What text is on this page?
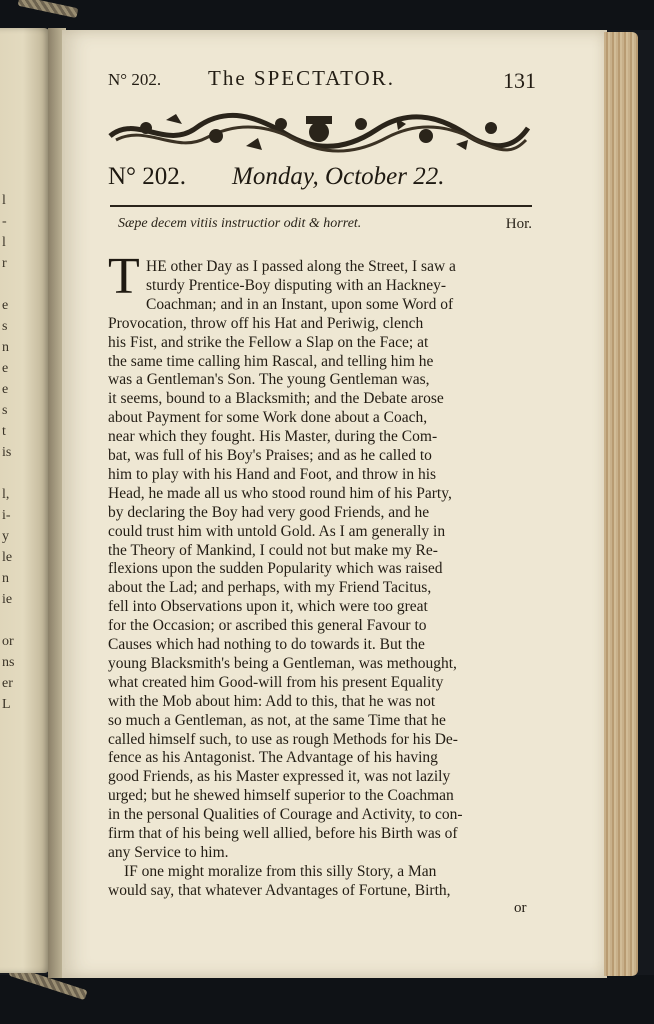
l
-
l
r
e
s
n
e
e
s
t
is
l,
i-
y
le
n
ie
or
ns
er
L
N° 202. The SPECTATOR.	131
N° 202. Monday, October 22.
Sæpe decem vitiis instructior odit & horret.	Hor.
T HE other Day as I passed along the Street, I saw a
sturdy Prentice-Boy disputing with an Hackney-
Coachman; and in an Instant, upon some Word of
Provocation, throw off his Hat and Periwig, clench
his Fist, and strike the Fellow a Slap on the Face; at
the same time calling him Rascal, and telling him he
was a Gentleman's Son. The young Gentleman was,
it seems, bound to a Blacksmith; and the Debate arose
about Payment for some Work done about a Coach,
near which they fought. His Master, during the Com-
bat, was full of his Boy's Praises; and as he called to
him to play with his Hand and Foot, and throw in his
Head, he made all us who stood round him of his Party,
by declaring the Boy had very good Friends, and he
could trust him with untold Gold. As I am generally in
the Theory of Mankind, I could not but make my Re-
flexions upon the sudden Popularity which was raised
about the Lad; and perhaps, with my Friend Tacitus,
fell into Observations upon it, which were too great
for the Occasion; or ascribed this general Favour to
Causes which had nothing to do towards it. But the
young Blacksmith's being a Gentleman, was methought,
what created him Good-will from his present Equality
with the Mob about him: Add to this, that he was not
so much a Gentleman, as not, at the same Time that he
called himself such, to use as rough Methods for his De-
fence as his Antagonist. The Advantage of his having
good Friends, as his Master expressed it, was not lazily
urged; but he shewed himself superior to the Coachman
in the personal Qualities of Courage and Activity, to con-
firm that of his being well allied, before his Birth was of
any Service to him.
IF one might moralize from this silly Story, a Man
would say, that whatever Advantages of Fortune, Birth,
or
